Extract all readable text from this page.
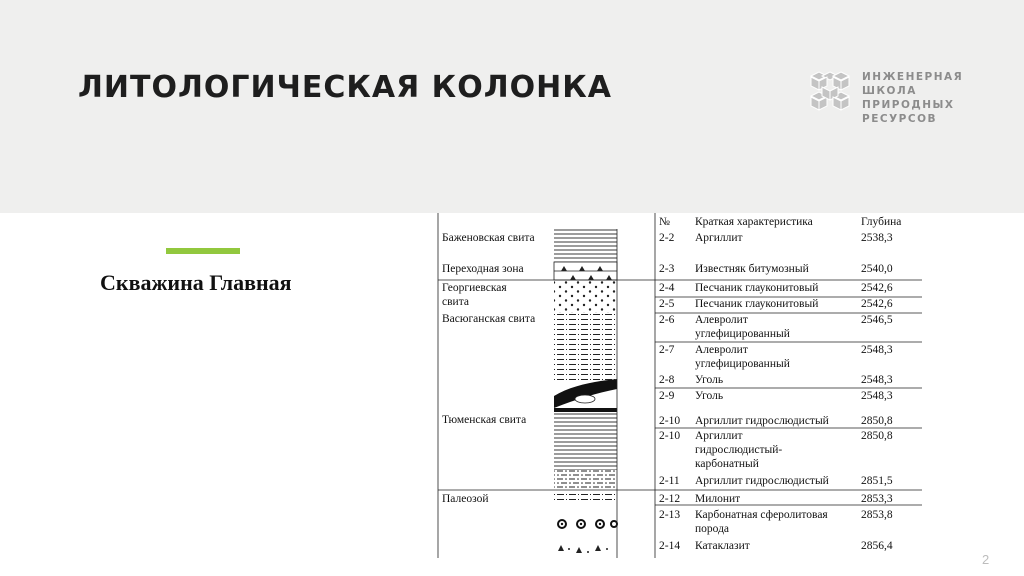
ЛИТОЛОГИЧЕСКАЯ КОЛОНКА	ИНЖЕНЕРНАЯ
ШКОЛА ПРИРОДНЫХ
РЕСУРСОВ
Скважина Главная
№ Краткая характеристика	Глубина
Баженовская свита
Переходная зона
Георгиевская
свита
Васюганская свита
Тюменская свита
Палеозой
2-2 Аргиллит	2538,3
2-3 Известняк битумозный	2540,0
2-4 Песчаник глауконитовый	2542,6
2-5 Песчаник глауконитовый	2542,6
2-6 Алевролит
углефицированный
2546,5
2-7 Алевролит
углефицированный
2548,3
2-8 Уголь	2548,3
2-9 Уголь	2548,3
2-10 Аргиллит гидрослюдистый	2850,8
2-10 Аргиллит
гидрослюдистый-
карбонатный
2850,8
2-11 Аргиллит гидрослюдистый	2851,5
2-12 Милонит	2853,3
2-13 Карбонатная сферолитовая
порода
2853,8
2-14 Катаклазит	2856,4
2
